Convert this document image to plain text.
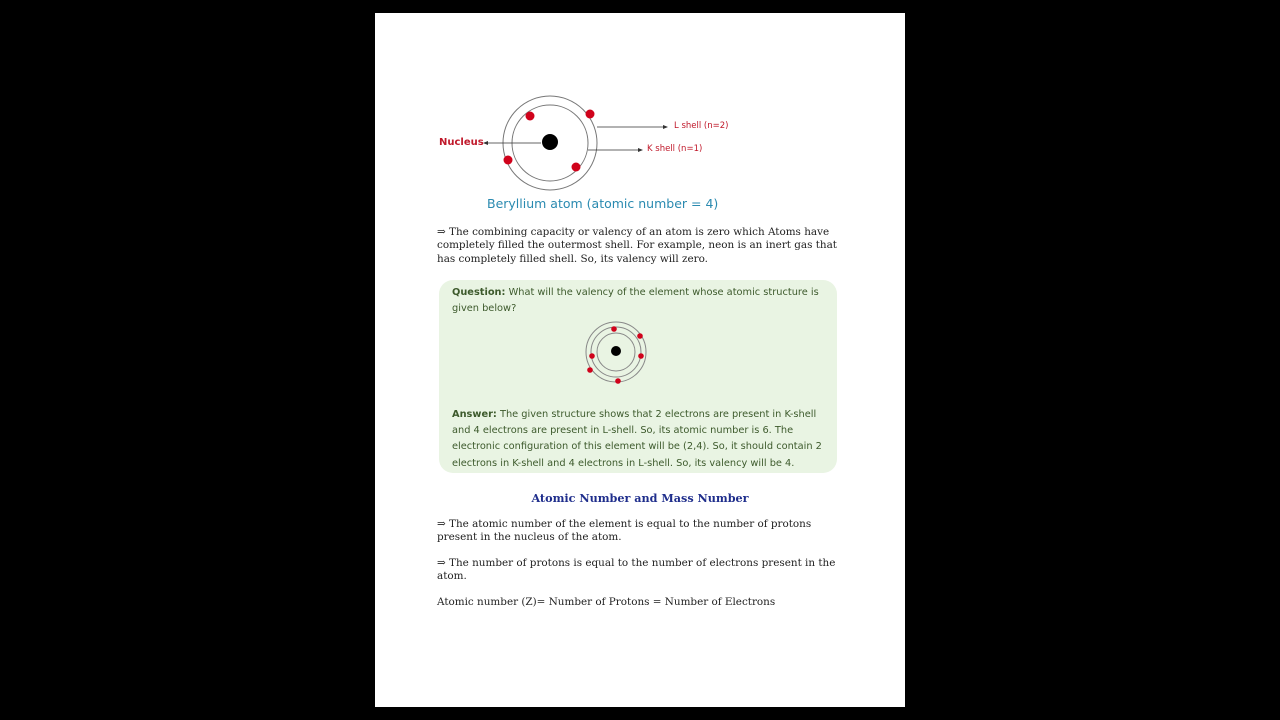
Nucleus
L shell (n=2)
K shell (n=1)
Beryllium atom (atomic number = 4)
⇒ The combining capacity or valency of an atom is zero which Atoms have completely filled the outermost shell. For example, neon is an inert gas that has completely filled shell. So, its valency will zero.
Question: What will the valency of the element whose atomic structure is given below?
Answer: The given structure shows that 2 electrons are present in K-shell and 4 electrons are present in L-shell. So, its atomic number is 6. The electronic configuration of this element will be (2,4). So, it should contain 2 electrons in K-shell and 4 electrons in L-shell. So, its valency will be 4.
Atomic Number and Mass Number
⇒ The atomic number of the element is equal to the number of protons present in the nucleus of the atom.
⇒ The number of protons is equal to the number of electrons present in the atom.
Atomic number (Z)= Number of Protons = Number of Electrons
